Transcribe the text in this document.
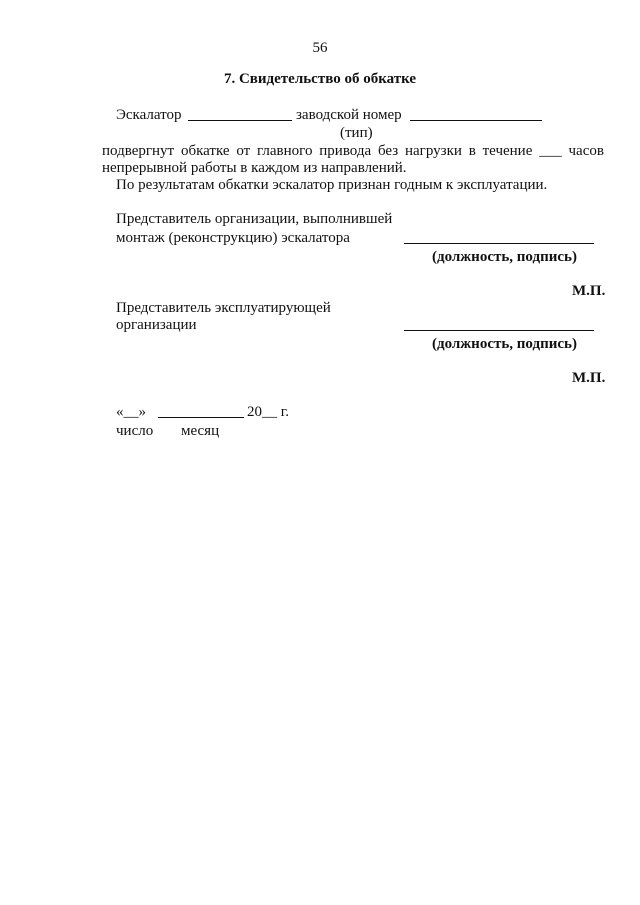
56
7. Свидетельство об обкатке
Эскалатор	заводской номер
(тип)
подвергнут обкатке от главного привода без нагрузки в течение ___ часов
непрерывной работы в каждом из направлений.
По результатам обкатки эскалатор признан годным к эксплуатации.
Представитель организации, выполнившей
монтаж (реконструкцию) эскалатора
(должность, подпись)
М.П.
Представитель эксплуатирующей
организации
(должность, подпись)
М.П.
«__»	20__ г.
число месяц
